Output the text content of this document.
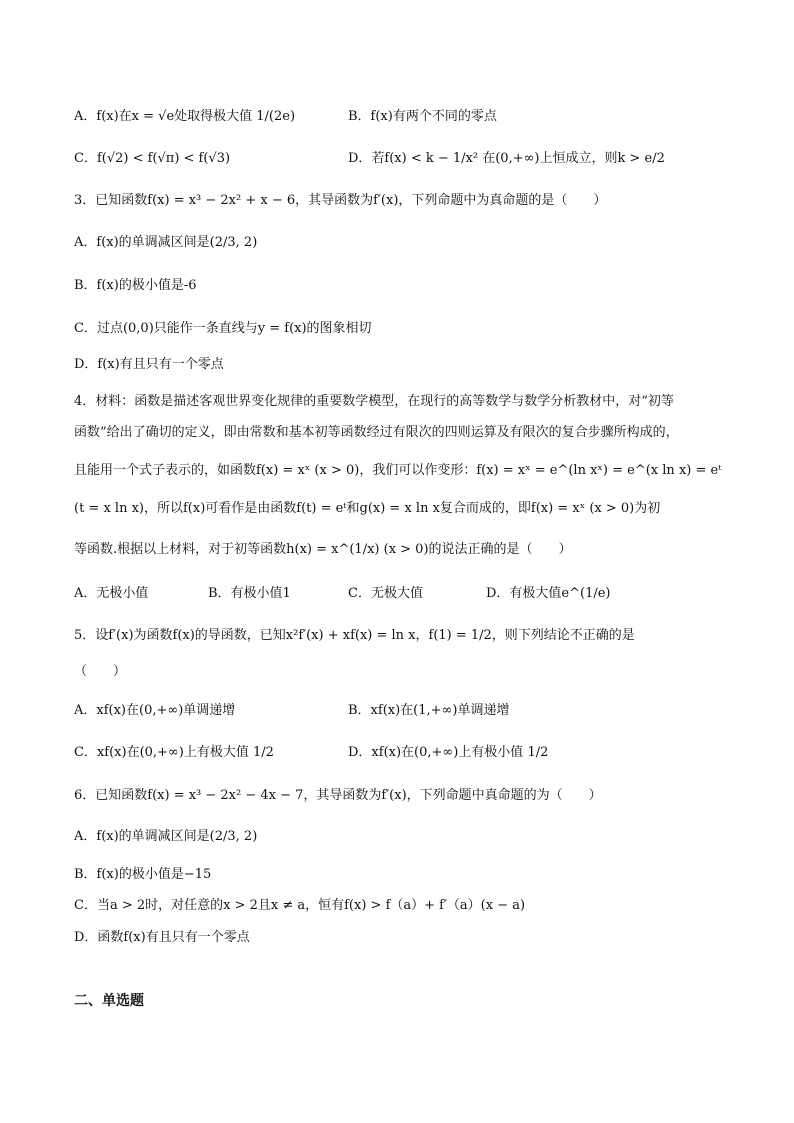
A．f(x)在x = √e处取得极大值 1/(2e)	B．f(x)有两个不同的零点
C．f(√2) < f(√π) < f(√3)	D．若f(x) < k − 1/x² 在(0,+∞)上恒成立，则k > e/2
3．已知函数f(x) = x³ − 2x² + x − 6，其导函数为f′(x)，下列命题中为真命题的是（　　）
A．f(x)的单调减区间是(2/3, 2)
B．f(x)的极小值是-6
C．过点(0,0)只能作一条直线与y = f(x)的图象相切
D．f(x)有且只有一个零点
4．材料：函数是描述客观世界变化规律的重要数学模型，在现行的高等数学与数学分析教材中，对“初等
函数”给出了确切的定义，即由常数和基本初等函数经过有限次的四则运算及有限次的复合步骤所构成的，
且能用一个式子表示的，如函数f(x) = xˣ (x > 0)，我们可以作变形：f(x) = xˣ = e^(ln xˣ) = e^(x ln x) = eᵗ
(t = x ln x)，所以f(x)可看作是由函数f(t) = eᵗ和g(x) = x ln x复合而成的，即f(x) = xˣ (x > 0)为初
等函数.根据以上材料，对于初等函数h(x) = x^(1/x) (x > 0)的说法正确的是（　　）
A．无极小值	B．有极小值1	C．无极大值	D．有极大值e^(1/e)
5．设f′(x)为函数f(x)的导函数，已知x²f′(x) + xf(x) = ln x，f(1) = 1/2，则下列结论不正确的是
（　　）
A．xf(x)在(0,+∞)单调递增	B．xf(x)在(1,+∞)单调递增
C．xf(x)在(0,+∞)上有极大值 1/2	D．xf(x)在(0,+∞)上有极小值 1/2
6．已知函数f(x) = x³ − 2x² − 4x − 7，其导函数为f′(x)，下列命题中真命题的为（　　）
A．f(x)的单调减区间是(2/3, 2)
B．f(x)的极小值是−15
C．当a > 2时，对任意的x > 2且x ≠ a，恒有f(x) > f（a）+ f′（a）(x − a)
D．函数f(x)有且只有一个零点
二、单选题
